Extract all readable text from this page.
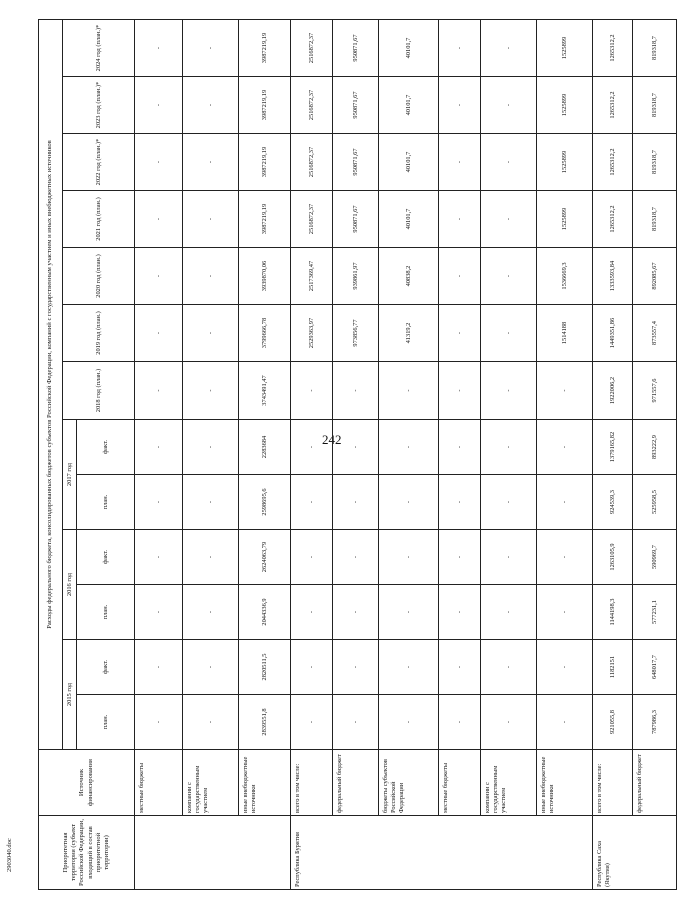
242
2903040.doc	Приоритетная территория (субъект Российской Федерации, входящий в состав приоритетной территории)	Источник финансирования	Расходы федерального бюджета, консолидированных бюджетов субъектов Российской Федерации, компаний с государственным участием и иных внебюджетных источников												
		2015 год		2016 год		2017 год		2018 год (план.)	2019 год (план.)	2020 год (план.)	2021 год (план.)	2022 год (план.)*	2023 год (план.)*	2024 год (план.)*
		план.	факт.	план.	факт.	план.	факт.							
	местные бюджеты	-	-	-	-	-	-	-	-	-	-	-	-	-
	компании с государственным участием	-	-	-	-	-	-	-	-	-	-	-	-	-
	иные внебюджетные источники	2839551,8	2820511,5	2044336,9	2624063,79	2598695,6	2283684	3743491,47	3799666,78	3939870,06	3987219,19	3987219,19	3987219,19	3987219,19
Республика Бурятия	всего в том числе:	-	-	-	-	-	-	-	2529363,97	2517369,47	2516872,37	2516872,37	2516872,37	2516872,37
	федеральный бюджет	-	-	-	-	-	-	-	973856,77	939861,97	950871,67	950871,67	950871,67	950871,67
	бюджеты субъектов Российской Федерации	-	-	-	-	-	-	-	41319,2	40838,2	40101,7	40101,7	40101,7	40101,7
	местные бюджеты	-	-	-	-	-	-	-	-	-	-	-	-	-
	компании с государственным участием	-	-	-	-	-	-	-	-	-	-	-	-	-
	иные внебюджетные источники	-	-	-	-	-	-	-	1514188	1536669,3	1525899	1525899	1525899	1525899
Республика Саха (Якутия)	всего в том числе:	921055,8	1182151	1144198,3	1263105,9	924539,3	1379165,82	1922006,2	1449351,86	1333593,84	1265312,2	1265312,2	1265312,2	1265312,2
	федеральный бюджет	787986,3	648017,7	577231,1	590969,7	525958,5	893222,9	971557,6	873557,4	892085,67	819318,7	819318,7	819318,7	819318,7
